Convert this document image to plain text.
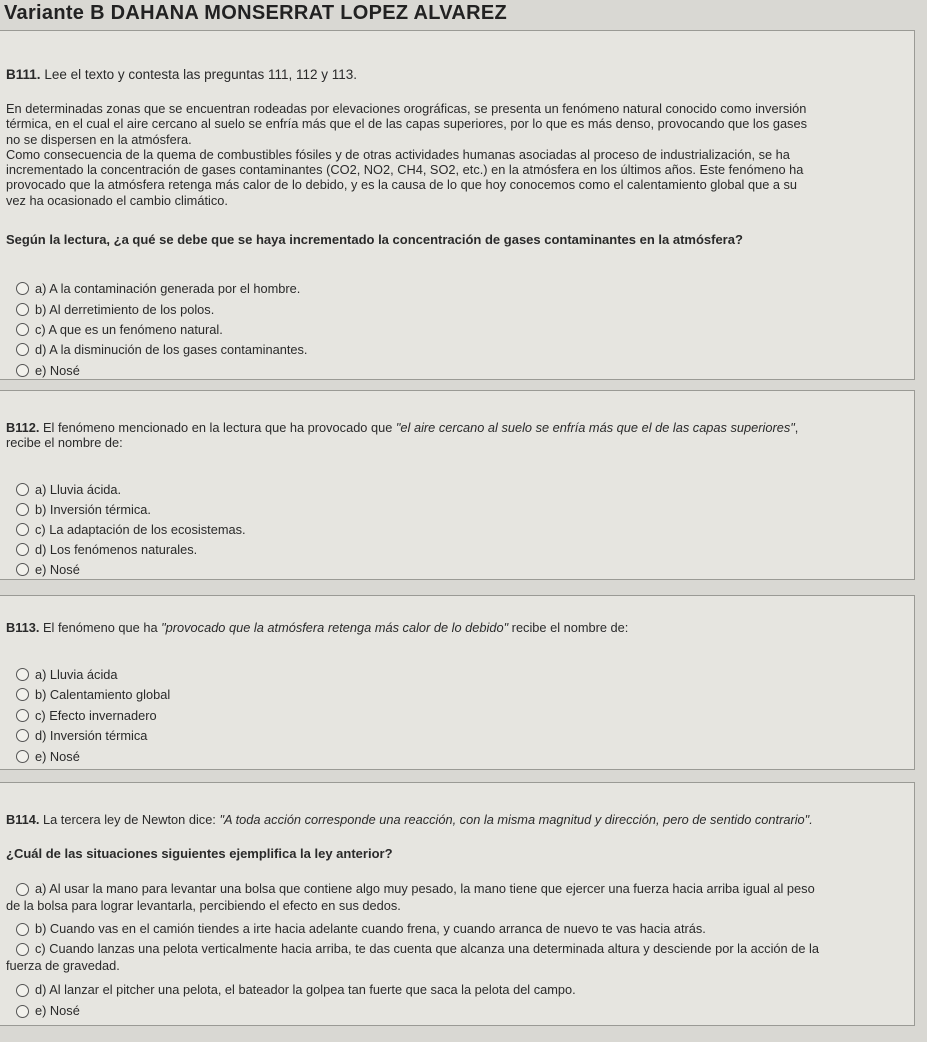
Variante B DAHANA MONSERRAT LOPEZ ALVAREZ
B111. Lee el texto y contesta las preguntas 111, 112 y 113.
En determinadas zonas que se encuentran rodeadas por elevaciones orográficas, se presenta un fenómeno natural conocido como inversión
térmica, en el cual el aire cercano al suelo se enfría más que el de las capas superiores, por lo que es más denso, provocando que los gases
no se dispersen en la atmósfera.
Como consecuencia de la quema de combustibles fósiles y de otras actividades humanas asociadas al proceso de industrialización, se ha
incrementado la concentración de gases contaminantes (CO2, NO2, CH4, SO2, etc.) en la atmósfera en los últimos años. Este fenómeno ha
provocado que la atmósfera retenga más calor de lo debido, y es la causa de lo que hoy conocemos como el calentamiento global que a su
vez ha ocasionado el cambio climático.
Según la lectura, ¿a qué se debe que se haya incrementado la concentración de gases contaminantes en la atmósfera?
a) A la contaminación generada por el hombre.
b) Al derretimiento de los polos.
c) A que es un fenómeno natural.
d) A la disminución de los gases contaminantes.
e) Nosé
B112. El fenómeno mencionado en la lectura que ha provocado que "el aire cercano al suelo se enfría más que el de las capas superiores",
recibe el nombre de:
a) Lluvia ácida.
b) Inversión térmica.
c) La adaptación de los ecosistemas.
d) Los fenómenos naturales.
e) Nosé
B113. El fenómeno que ha "provocado que la atmósfera retenga más calor de lo debido" recibe el nombre de:
a) Lluvia ácida
b) Calentamiento global
c) Efecto invernadero
d) Inversión térmica
e) Nosé
B114. La tercera ley de Newton dice: "A toda acción corresponde una reacción, con la misma magnitud y dirección, pero de sentido contrario".
¿Cuál de las situaciones siguientes ejemplifica la ley anterior?
a) Al usar la mano para levantar una bolsa que contiene algo muy pesado, la mano tiene que ejercer una fuerza hacia arriba igual al peso
de la bolsa para lograr levantarla, percibiendo el efecto en sus dedos.
b) Cuando vas en el camión tiendes a irte hacia adelante cuando frena, y cuando arranca de nuevo te vas hacia atrás.
c) Cuando lanzas una pelota verticalmente hacia arriba, te das cuenta que alcanza una determinada altura y desciende por la acción de la
fuerza de gravedad.
d) Al lanzar el pitcher una pelota, el bateador la golpea tan fuerte que saca la pelota del campo.
e) Nosé
